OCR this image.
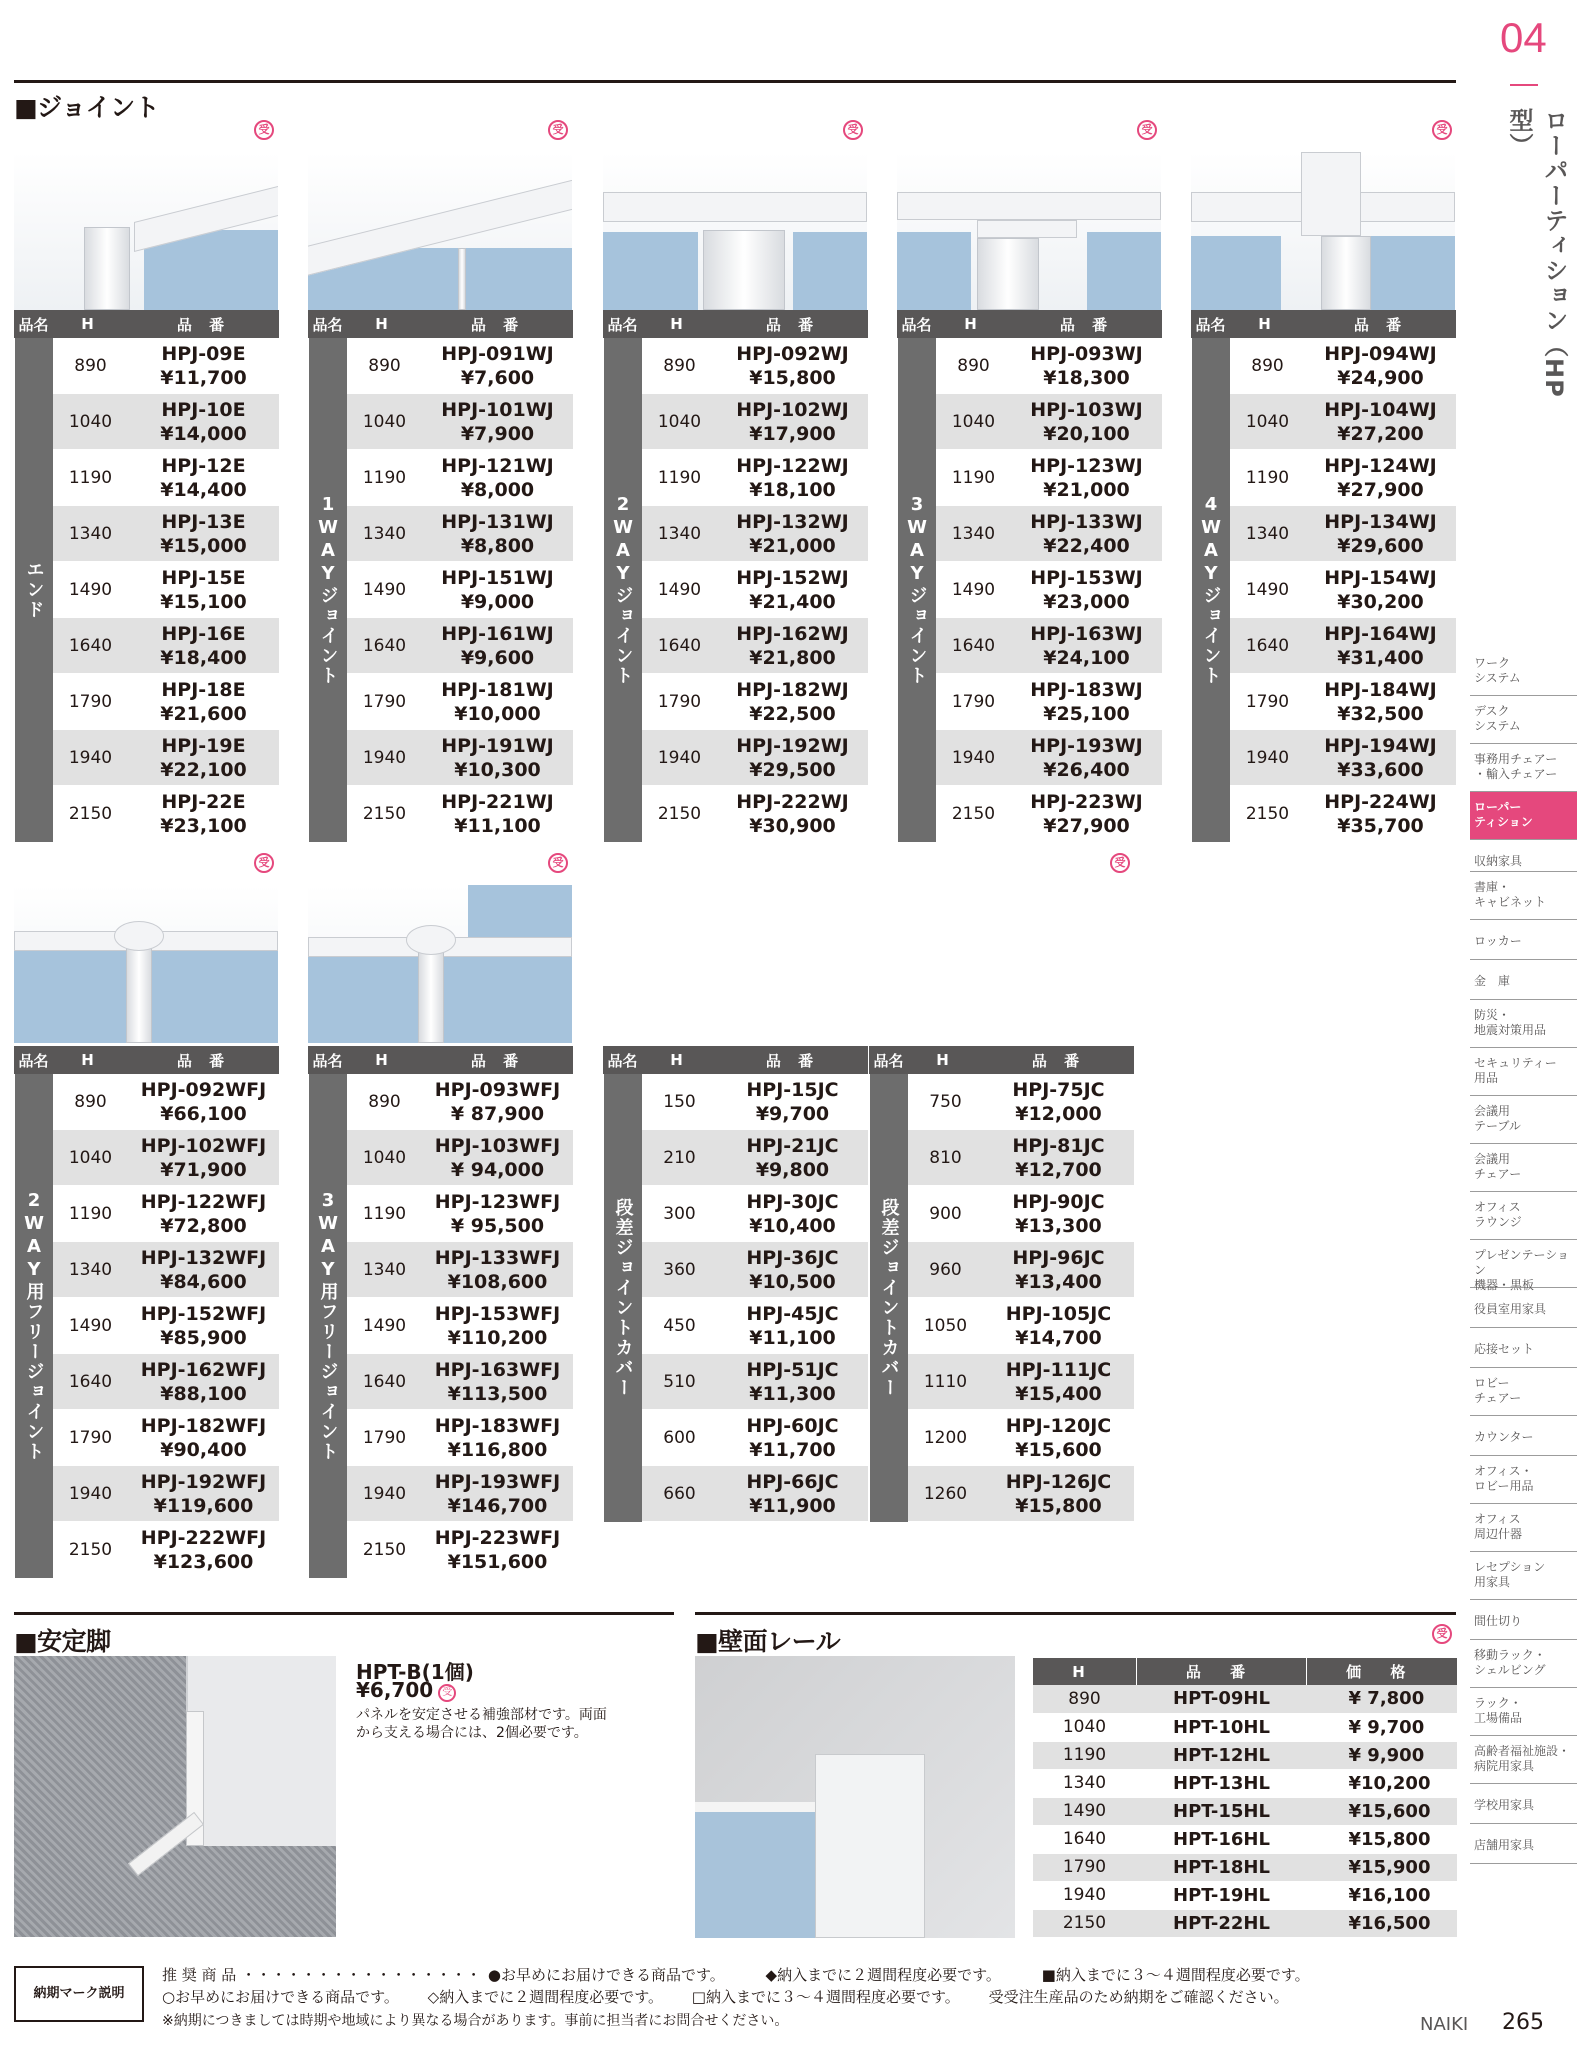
04
ローパーティション（HP型）
■ジョイント
品名	H	品 番
エンド	890	HPJ-09E
¥11,700

	1040	HPJ-10E
¥14,000

	1190	HPJ-12E
¥14,400

	1340	HPJ-13E
¥15,000

	1490	HPJ-15E
¥15,100

	1640	HPJ-16E
¥18,400

	1790	HPJ-18E
¥21,600

	1940	HPJ-19E
¥22,100

	2150	HPJ-22E
¥23,100
品名	H	品 番
1WAYジョイント	890	HPJ-091WJ
¥7,600

	1040	HPJ-101WJ
¥7,900

	1190	HPJ-121WJ
¥8,000

	1340	HPJ-131WJ
¥8,800

	1490	HPJ-151WJ
¥9,000

	1640	HPJ-161WJ
¥9,600

	1790	HPJ-181WJ
¥10,000

	1940	HPJ-191WJ
¥10,300

	2150	HPJ-221WJ
¥11,100
品名	H	品 番
2WAYジョイント	890	HPJ-092WJ
¥15,800

	1040	HPJ-102WJ
¥17,900

	1190	HPJ-122WJ
¥18,100

	1340	HPJ-132WJ
¥21,000

	1490	HPJ-152WJ
¥21,400

	1640	HPJ-162WJ
¥21,800

	1790	HPJ-182WJ
¥22,500

	1940	HPJ-192WJ
¥29,500

	2150	HPJ-222WJ
¥30,900
品名	H	品 番
3WAYジョイント	890	HPJ-093WJ
¥18,300

	1040	HPJ-103WJ
¥20,100

	1190	HPJ-123WJ
¥21,000

	1340	HPJ-133WJ
¥22,400

	1490	HPJ-153WJ
¥23,000

	1640	HPJ-163WJ
¥24,100

	1790	HPJ-183WJ
¥25,100

	1940	HPJ-193WJ
¥26,400

	2150	HPJ-223WJ
¥27,900
品名	H	品 番
4WAYジョイント	890	HPJ-094WJ
¥24,900

	1040	HPJ-104WJ
¥27,200

	1190	HPJ-124WJ
¥27,900

	1340	HPJ-134WJ
¥29,600

	1490	HPJ-154WJ
¥30,200

	1640	HPJ-164WJ
¥31,400

	1790	HPJ-184WJ
¥32,500

	1940	HPJ-194WJ
¥33,600

	2150	HPJ-224WJ
¥35,700
品名	H	品 番
2WAY用フリージョイント	890	HPJ-092WFJ
¥66,100

	1040	HPJ-102WFJ
¥71,900

	1190	HPJ-122WFJ
¥72,800

	1340	HPJ-132WFJ
¥84,600

	1490	HPJ-152WFJ
¥85,900

	1640	HPJ-162WFJ
¥88,100

	1790	HPJ-182WFJ
¥90,400

	1940	HPJ-192WFJ
¥119,600

	2150	HPJ-222WFJ
¥123,600
品名	H	品 番
3WAY用フリージョイント	890	HPJ-093WFJ
¥ 87,900

	1040	HPJ-103WFJ
¥ 94,000

	1190	HPJ-123WFJ
¥ 95,500

	1340	HPJ-133WFJ
¥108,600

	1490	HPJ-153WFJ
¥110,200

	1640	HPJ-163WFJ
¥113,500

	1790	HPJ-183WFJ
¥116,800

	1940	HPJ-193WFJ
¥146,700

	2150	HPJ-223WFJ
¥151,600
品名	H	品 番
段差ジョイントカバー	150	HPJ-15JC
¥9,700

	210	HPJ-21JC
¥9,800

	300	HPJ-30JC
¥10,400

	360	HPJ-36JC
¥10,500

	450	HPJ-45JC
¥11,100

	510	HPJ-51JC
¥11,300

	600	HPJ-60JC
¥11,700

	660	HPJ-66JC
¥11,900
品名	H	品 番
段差ジョイントカバー	750	HPJ-75JC
¥12,000

	810	HPJ-81JC
¥12,700

	900	HPJ-90JC
¥13,300

	960	HPJ-96JC
¥13,400

	1050	HPJ-105JC
¥14,700

	1110	HPJ-111JC
¥15,400

	1200	HPJ-120JC
¥15,600

	1260	HPJ-126JC
¥15,800
受	受	受	受	受
受	受	受
■安定脚
HPT-B(1個)
¥6,700 受
パネルを安定させる補強部材です。両面から支える場合には、2個必要です。
■壁面レール	受
H	品 番	価 格
890	HPT-09HL	¥ 7,800
1040	HPT-10HL	¥ 9,700
1190	HPT-12HL	¥ 9,900
1340	HPT-13HL	¥10,200
1490	HPT-15HL	¥15,600
1640	HPT-16HL	¥15,800
1790	HPT-18HL	¥15,900
1940	HPT-19HL	¥16,100
2150	HPT-22HL	¥16,500
ワーク
システム
デスク
システム
事務用チェアー
・輸入チェアー
ローパー
ティション
収納家具
書庫・
キャビネット
ロッカー
金　庫
防災・
地震対策用品
セキュリティー
用品
会議用
テーブル
会議用
チェアー
オフィス
ラウンジ
プレゼンテーション
機器・黒板
役員室用家具
応接セット
ロビー
チェアー
カウンター
オフィス・
ロビー用品
オフィス
周辺什器
レセプション
用家具
間仕切り
移動ラック・
シェルビング
ラック・
工場備品
高齢者福祉施設・
病院用家具
学校用家具
店舗用家具
納期マーク説明
推 奨 商 品 ・・・・・・・・・・・・・・・・ ●お早めにお届けできる商品です。	◆納入までに２週間程度必要です。	■納入までに３〜４週間程度必要です。
○お早めにお届けできる商品です。 ◇納入までに２週間程度必要です。 □納入までに３〜４週間程度必要です。 受受注生産品のため納期をご確認ください。
※納期につきましては時期や地域により異なる場合があります。事前に担当者にお問合せください。	NAIKI 265
